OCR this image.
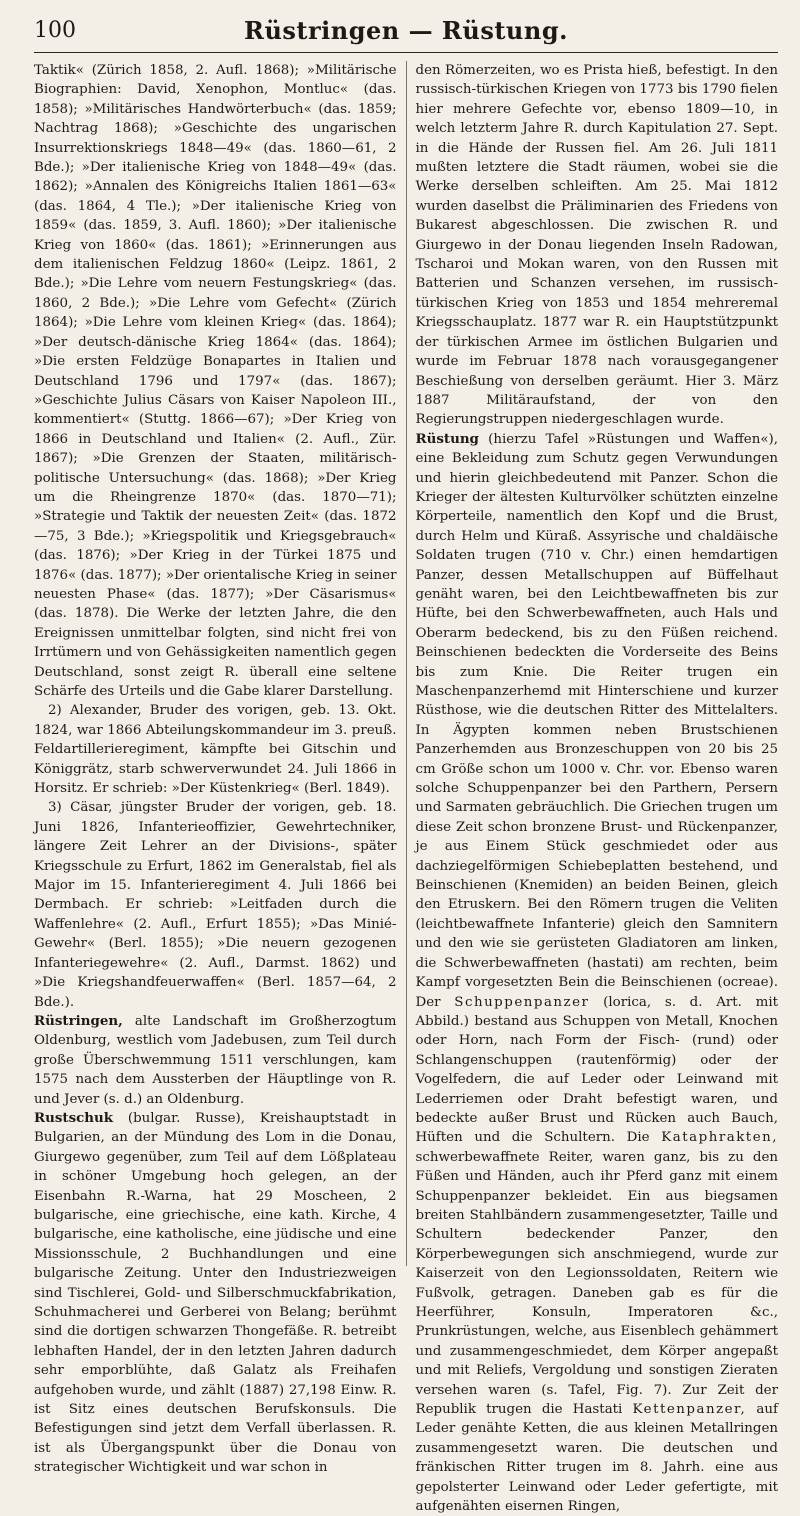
100	Rüstringen — Rüstung.

Taktik« (Zürich 1858, 2. Aufl. 1868); »Militärische Biographien: David, Xenophon, Montluc« (das. 1858); »Militärisches Handwörterbuch« (das. 1859; Nachtrag 1868); »Geschichte des ungarischen Insurrektionskriegs 1848—49« (das. 1860—61, 2 Bde.); »Der italienische Krieg von 1848—49« (das. 1862); »Annalen des Königreichs Italien 1861—63« (das. 1864, 4 Tle.); »Der italienische Krieg von 1859« (das. 1859, 3. Aufl. 1860); »Der italienische Krieg von 1860« (das. 1861); »Erinnerungen aus dem italienischen Feldzug 1860« (Leipz. 1861, 2 Bde.); »Die Lehre vom neuern Festungskrieg« (das. 1860, 2 Bde.); »Die Lehre vom Gefecht« (Zürich 1864); »Die Lehre vom kleinen Krieg« (das. 1864); »Der deutsch-dänische Krieg 1864« (das. 1864); »Die ersten Feldzüge Bonapartes in Italien und Deutschland 1796 und 1797« (das. 1867); »Geschichte Julius Cäsars von Kaiser Napoleon III., kommentiert« (Stuttg. 1866—67); »Der Krieg von 1866 in Deutschland und Italien« (2. Aufl., Zür. 1867); »Die Grenzen der Staaten, militärisch-politische Untersuchung« (das. 1868); »Der Krieg um die Rheingrenze 1870« (das. 1870—71); »Strategie und Taktik der neuesten Zeit« (das. 1872—75, 3 Bde.); »Kriegspolitik und Kriegsgebrauch« (das. 1876); »Der Krieg in der Türkei 1875 und 1876« (das. 1877); »Der orientalische Krieg in seiner neuesten Phase« (das. 1877); »Der Cäsarismus« (das. 1878). Die Werke der letzten Jahre, die den Ereignissen unmittelbar folgten, sind nicht frei von Irrtümern und von Gehässigkeiten namentlich gegen Deutschland, sonst zeigt R. überall eine seltene Schärfe des Urteils und die Gabe klarer Darstellung.

2) Alexander, Bruder des vorigen, geb. 13. Okt. 1824, war 1866 Abteilungskommandeur im 3. preuß. Feldartillerieregiment, kämpfte bei Gitschin und Königgrätz, starb schwerverwundet 24. Juli 1866 in Horsitz. Er schrieb: »Der Küstenkrieg« (Berl. 1849).

3) Cäsar, jüngster Bruder der vorigen, geb. 18. Juni 1826, Infanterieoffizier, Gewehrtechniker, längere Zeit Lehrer an der Divisions-, später Kriegsschule zu Erfurt, 1862 im Generalstab, fiel als Major im 15. Infanterieregiment 4. Juli 1866 bei Dermbach. Er schrieb: »Leitfaden durch die Waffenlehre« (2. Aufl., Erfurt 1855); »Das Minié-Gewehr« (Berl. 1855); »Die neuern gezogenen Infanteriegewehre« (2. Aufl., Darmst. 1862) und »Die Kriegshandfeuerwaffen« (Berl. 1857—64, 2 Bde.).

Rüstringen, alte Landschaft im Großherzogtum Oldenburg, westlich vom Jadebusen, zum Teil durch große Überschwemmung 1511 verschlungen, kam 1575 nach dem Aussterben der Häuptlinge von R. und Jever (s. d.) an Oldenburg.

Rustschuk (bulgar. Russe), Kreishauptstadt in Bulgarien, an der Mündung des Lom in die Donau, Giurgewo gegenüber, zum Teil auf dem Lößplateau in schöner Umgebung hoch gelegen, an der Eisenbahn R.-Warna, hat 29 Moscheen, 2 bulgarische, eine griechische, eine kath. Kirche, 4 bulgarische, eine katholische, eine jüdische und eine Missionsschule, 2 Buchhandlungen und eine bulgarische Zeitung. Unter den Industriezweigen sind Tischlerei, Gold- und Silberschmuckfabrikation, Schuhmacherei und Gerberei von Belang; berühmt sind die dortigen schwarzen Thongefäße. R. betreibt lebhaften Handel, der in den letzten Jahren dadurch sehr emporblühte, daß Galatz als Freihafen aufgehoben wurde, und zählt (1887) 27,198 Einw. R. ist Sitz eines deutschen Berufskonsuls. Die Befestigungen sind jetzt dem Verfall überlassen. R. ist als Übergangspunkt über die Donau von strategischer Wichtigkeit und war schon in

den Römerzeiten, wo es Prista hieß, befestigt. In den russisch-türkischen Kriegen von 1773 bis 1790 fielen hier mehrere Gefechte vor, ebenso 1809—10, in welch letzterm Jahre R. durch Kapitulation 27. Sept. in die Hände der Russen fiel. Am 26. Juli 1811 mußten letztere die Stadt räumen, wobei sie die Werke derselben schleiften. Am 25. Mai 1812 wurden daselbst die Präliminarien des Friedens von Bukarest abgeschlossen. Die zwischen R. und Giurgewo in der Donau liegenden Inseln Radowan, Tscharoi und Mokan waren, von den Russen mit Batterien und Schanzen versehen, im russisch-türkischen Krieg von 1853 und 1854 mehreremal Kriegsschauplatz. 1877 war R. ein Hauptstützpunkt der türkischen Armee im östlichen Bulgarien und wurde im Februar 1878 nach vorausgegangener Beschießung von derselben geräumt. Hier 3. März 1887 Militäraufstand, der von den Regierungstruppen niedergeschlagen wurde.

Rüstung (hierzu Tafel »Rüstungen und Waffen«), eine Bekleidung zum Schutz gegen Verwundungen und hierin gleichbedeutend mit Panzer. Schon die Krieger der ältesten Kulturvölker schützten einzelne Körperteile, namentlich den Kopf und die Brust, durch Helm und Küraß. Assyrische und chaldäische Soldaten trugen (710 v. Chr.) einen hemdartigen Panzer, dessen Metallschuppen auf Büffelhaut genäht waren, bei den Leichtbewaffneten bis zur Hüfte, bei den Schwerbewaffneten, auch Hals und Oberarm bedeckend, bis zu den Füßen reichend. Beinschienen bedeckten die Vorderseite des Beins bis zum Knie. Die Reiter trugen ein Maschenpanzerhemd mit Hinterschiene und kurzer Rüsthose, wie die deutschen Ritter des Mittelalters. In Ägypten kommen neben Brustschienen Panzerhemden aus Bronzeschuppen von 20 bis 25 cm Größe schon um 1000 v. Chr. vor. Ebenso waren solche Schuppenpanzer bei den Parthern, Persern und Sarmaten gebräuchlich. Die Griechen trugen um diese Zeit schon bronzene Brust- und Rückenpanzer, je aus Einem Stück geschmiedet oder aus dachziegelförmigen Schiebeplatten bestehend, und Beinschienen (Knemiden) an beiden Beinen, gleich den Etruskern. Bei den Römern trugen die Veliten (leichtbewaffnete Infanterie) gleich den Samnitern und den wie sie gerüsteten Gladiatoren am linken, die Schwerbewaffneten (hastati) am rechten, beim Kampf vorgesetzten Bein die Beinschienen (ocreae). Der Schuppenpanzer (lorica, s. d. Art. mit Abbild.) bestand aus Schuppen von Metall, Knochen oder Horn, nach Form der Fisch- (rund) oder Schlangenschuppen (rautenförmig) oder der Vogelfedern, die auf Leder oder Leinwand mit Lederriemen oder Draht befestigt waren, und bedeckte außer Brust und Rücken auch Bauch, Hüften und die Schultern. Die Kataphrakten, schwerbewaffnete Reiter, waren ganz, bis zu den Füßen und Händen, auch ihr Pferd ganz mit einem Schuppenpanzer bekleidet. Ein aus biegsamen breiten Stahlbändern zusammengesetzter, Taille und Schultern bedeckender Panzer, den Körperbewegungen sich anschmiegend, wurde zur Kaiserzeit von den Legionssoldaten, Reitern wie Fußvolk, getragen. Daneben gab es für die Heerführer, Konsuln, Imperatoren &c., Prunkrüstungen, welche, aus Eisenblech gehämmert und zusammengeschmiedet, dem Körper angepaßt und mit Reliefs, Vergoldung und sonstigen Zieraten versehen waren (s. Tafel, Fig. 7). Zur Zeit der Republik trugen die Hastati Kettenpanzer, auf Leder genähte Ketten, die aus kleinen Metallringen zusammengesetzt waren. Die deutschen und fränkischen Ritter trugen im 8. Jahrh. eine aus gepolsterter Leinwand oder Leder gefertigte, mit aufgenähten eisernen Ringen,
